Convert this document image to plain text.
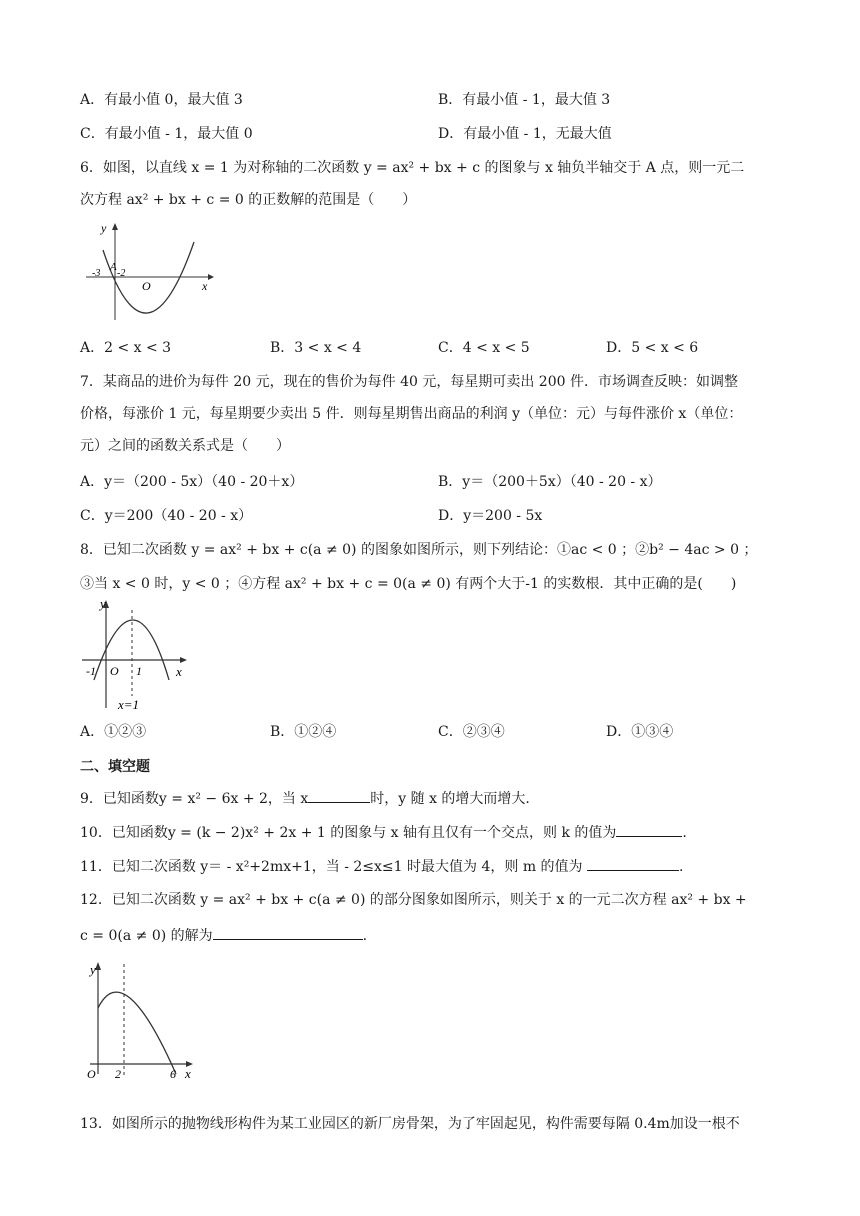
A．有最小值 0，最大值 3	B．有最小值 - 1，最大值 3
C．有最小值 - 1，最大值 0	D．有最小值 - 1，无最大值
6．如图，以直线 x = 1 为对称轴的二次函数 y = ax² + bx + c 的图象与 x 轴负半轴交于 A 点，则一元二
次方程 ax² + bx + c = 0 的正数解的范围是（　　）
y
x
O
A
-3 -2
A．2 < x < 3	B．3 < x < 4	C．4 < x < 5	D．5 < x < 6
7．某商品的进价为每件 20 元，现在的售价为每件 40 元，每星期可卖出 200 件．市场调查反映：如调整
价格，每涨价 1 元，每星期要少卖出 5 件．则每星期售出商品的利润 y（单位：元）与每件涨价 x（单位：
元）之间的函数关系式是（　　）
A．y＝（200 - 5x）（40 - 20＋x）	B．y＝（200＋5x）（40 - 20 - x）
C．y＝200（40 - 20 - x）	D．y＝200 - 5x
8．已知二次函数 y = ax² + bx + c(a ≠ 0) 的图象如图所示，则下列结论：①ac < 0 ；②b² − 4ac > 0 ；
③当 x < 0 时，y < 0 ；④方程 ax² + bx + c = 0(a ≠ 0) 有两个大于-1 的实数根．其中正确的是(　　)
y
x
O
-1	1
x=1
A．①②③	B．①②④	C．②③④	D．①③④
二、填空题
9．已知函数y = x² − 6x + 2，当 x	时，y 随 x 的增大而增大.
10．已知函数y = (k − 2)x² + 2x + 1 的图象与 x 轴有且仅有一个交点，则 k 的值为	.
11．已知二次函数 y＝ - x²+2mx+1，当 - 2≤x≤1 时最大值为 4，则 m 的值为	.
12．已知二次函数 y = ax² + bx + c(a ≠ 0) 的部分图象如图所示，则关于 x 的一元二次方程 ax² + bx +
c = 0(a ≠ 0) 的解为	.
y
x
O 2	6
13．如图所示的抛物线形构件为某工业园区的新厂房骨架，为了牢固起见，构件需要每隔 0.4m加设一根不
